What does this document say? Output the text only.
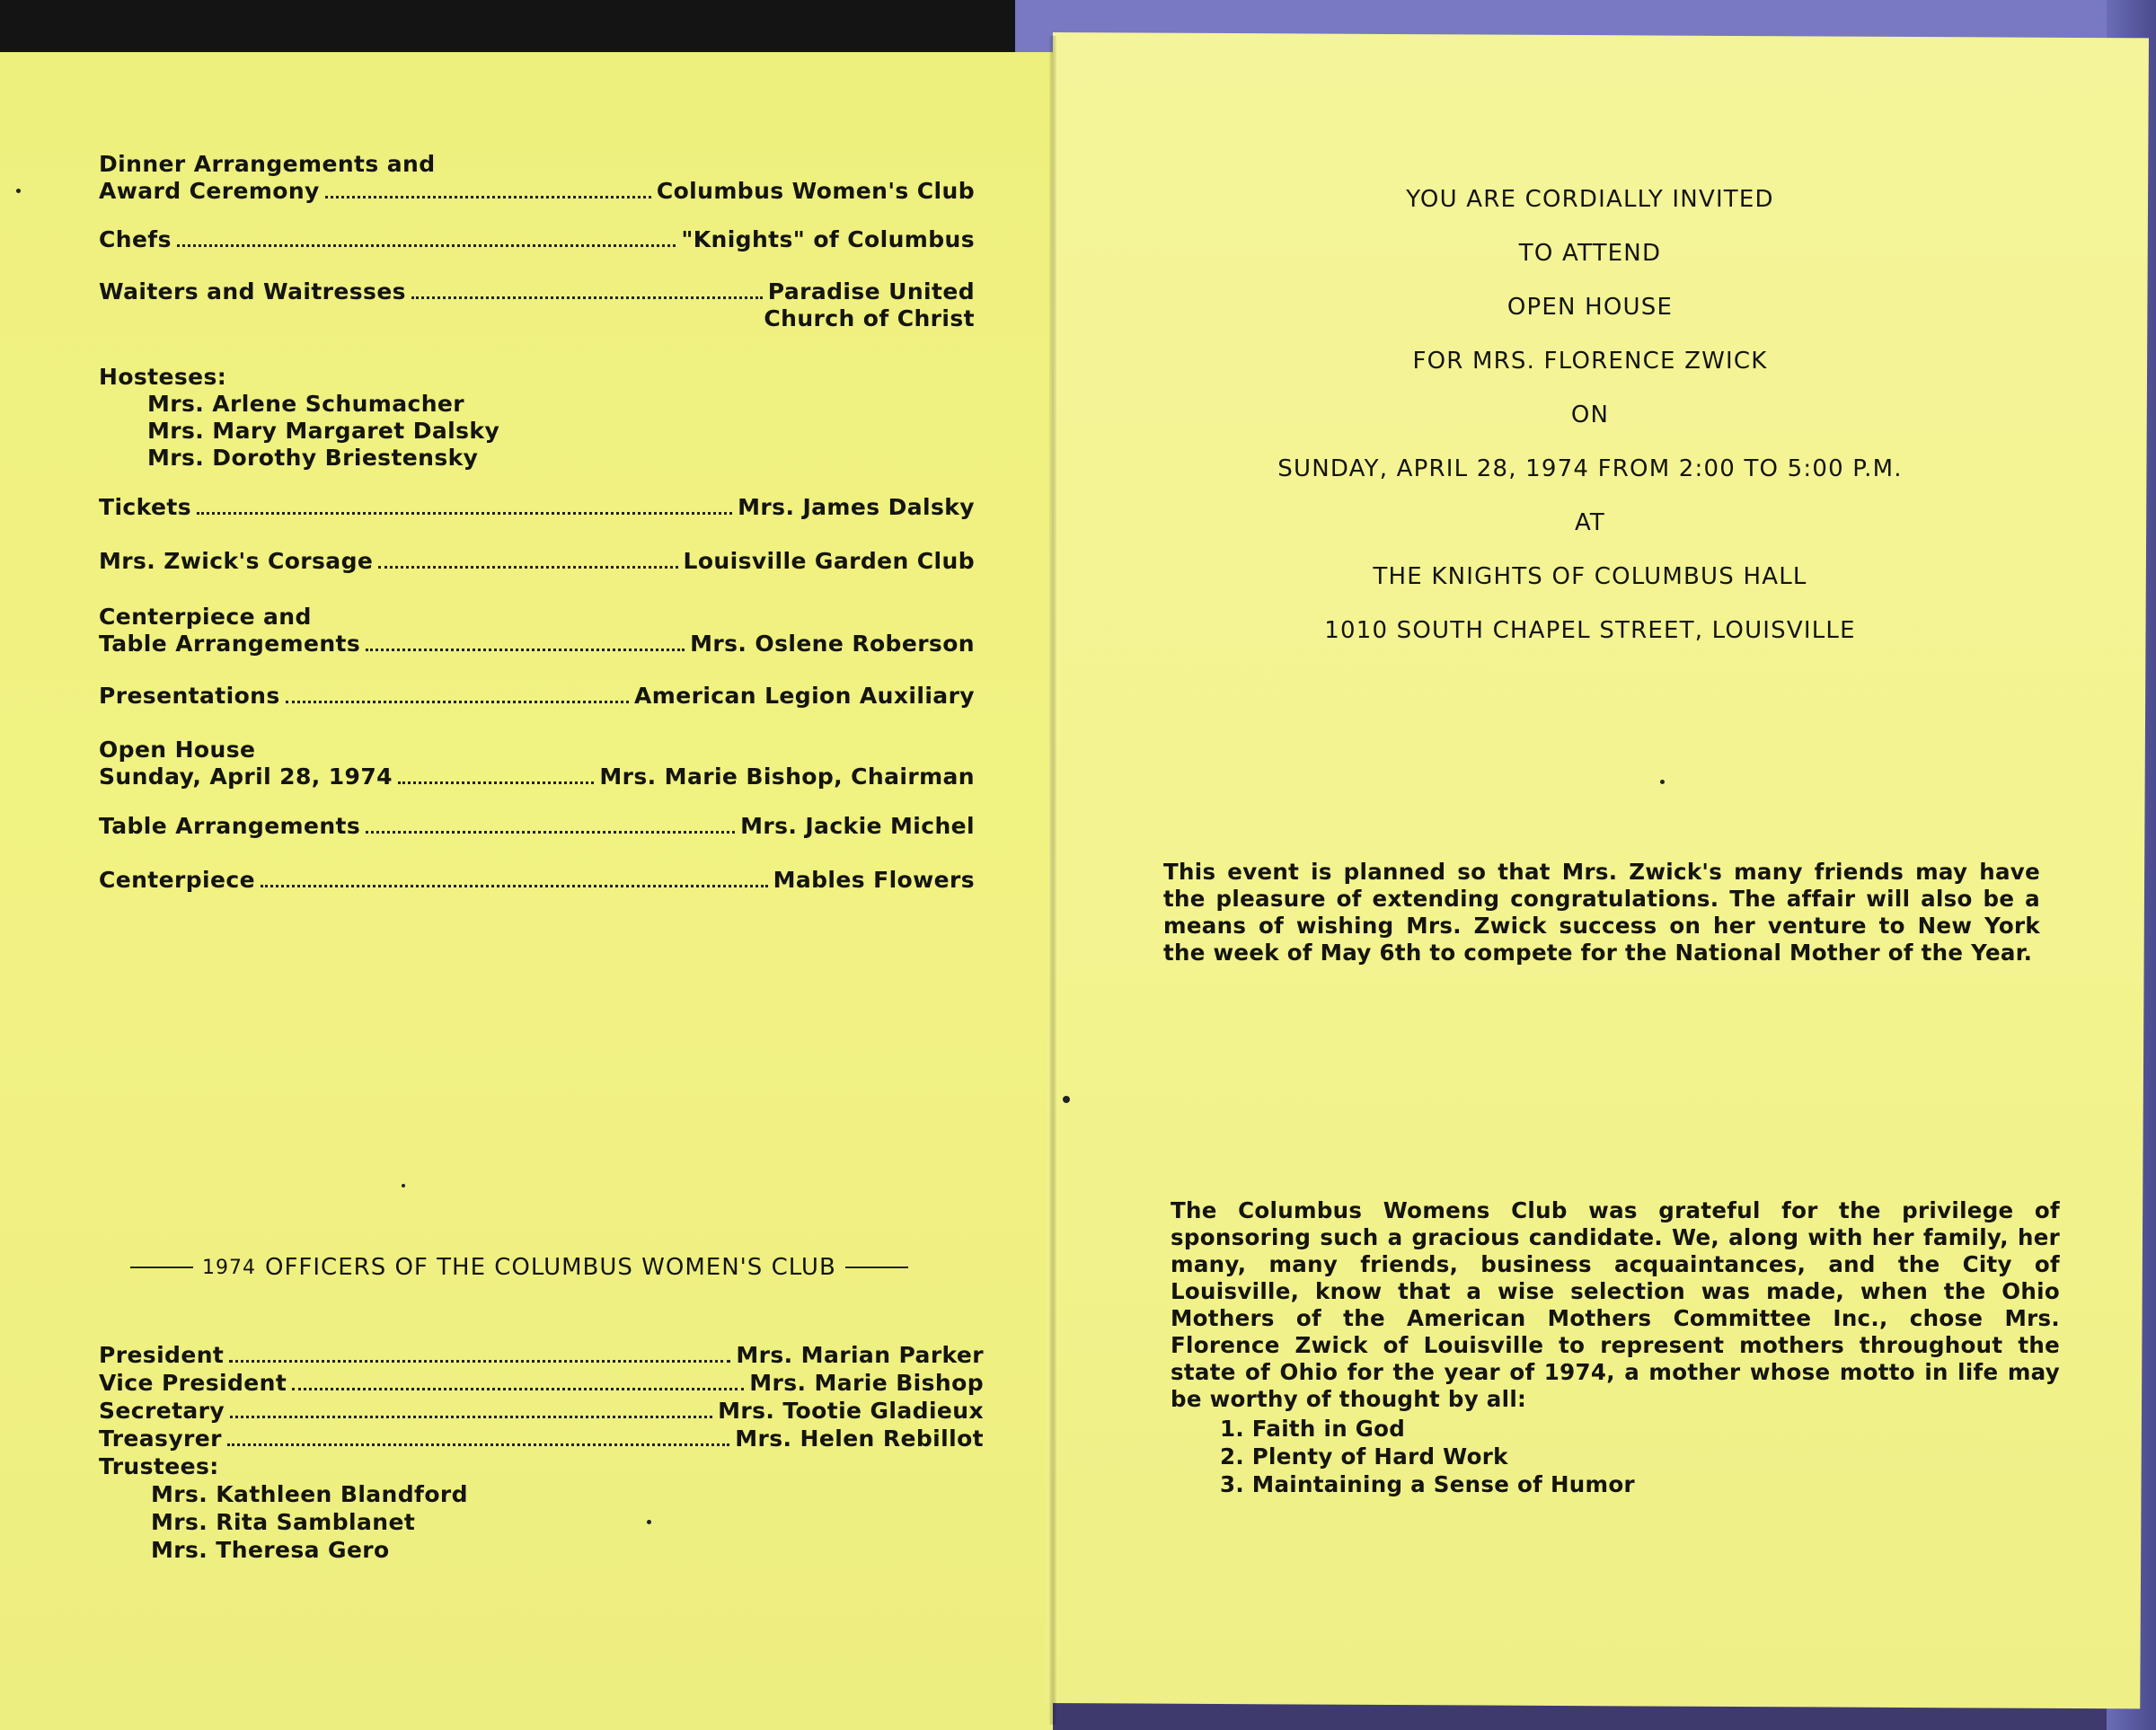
Dinner Arrangements and
Award Ceremony	Columbus Women's Club
Chefs	"Knights" of Columbus
Waiters and Waitresses	Paradise United
Church of Christ
Hosteses:
Mrs. Arlene Schumacher
Mrs. Mary Margaret Dalsky
Mrs. Dorothy Briestensky
Tickets	Mrs. James Dalsky
Mrs. Zwick's Corsage	Louisville Garden Club
Centerpiece and
Table Arrangements	Mrs. Oslene Roberson
Presentations	American Legion Auxiliary
Open House
Sunday, April 28, 1974	Mrs. Marie Bishop, Chairman
Table Arrangements	Mrs. Jackie Michel
Centerpiece	Mables Flowers
1974 OFFICERS OF THE COLUMBUS WOMEN'S CLUB
President	Mrs. Marian Parker
Vice President	Mrs. Marie Bishop
Secretary	Mrs. Tootie Gladieux
Treasyrer	Mrs. Helen Rebillot
Trustees:
Mrs. Kathleen Blandford
Mrs. Rita Samblanet
Mrs. Theresa Gero
YOU ARE CORDIALLY INVITED
TO ATTEND
OPEN HOUSE
FOR MRS. FLORENCE ZWICK
ON
SUNDAY, APRIL 28, 1974 FROM 2:00 TO 5:00 P.M.
AT
THE KNIGHTS OF COLUMBUS HALL
1010 SOUTH CHAPEL STREET, LOUISVILLE
This event is planned so that Mrs. Zwick's many friends may have the pleasure of extending congratulations. The affair will also be a means of wishing Mrs. Zwick success on her venture to New York the week of May 6th to compete for the National Mother of the Year.
The Columbus Womens Club was grateful for the privilege of sponsoring such a gracious candidate. We, along with her family, her many, many friends, business acquaintances, and the City of Louisville, know that a wise selection was made, when the Ohio Mothers of the American Mothers Committee Inc., chose Mrs. Florence Zwick of Louisville to represent mothers throughout the state of Ohio for the year of 1974, a mother whose motto in life may be worthy of thought by all:
1. Faith in God
2. Plenty of Hard Work
3. Maintaining a Sense of Humor
